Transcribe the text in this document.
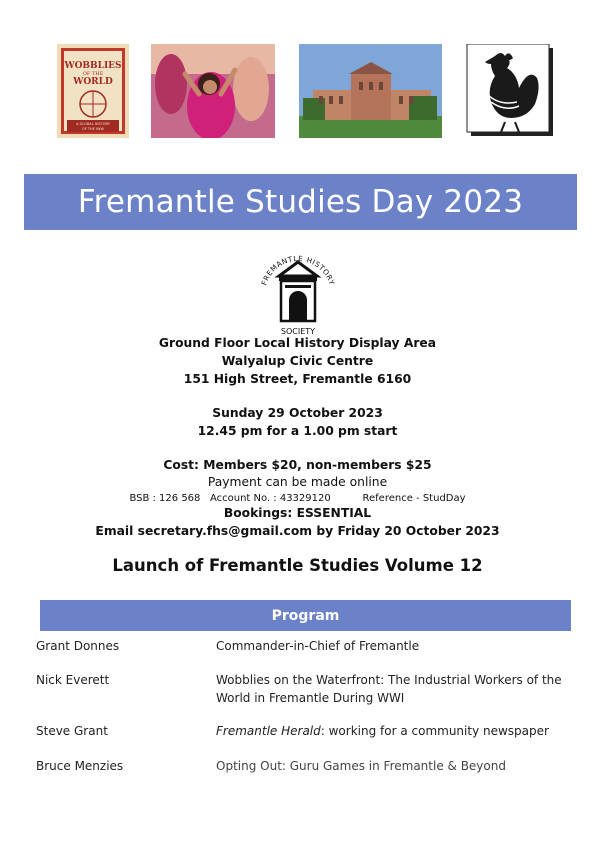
WOBBLIES
OF THE
WORLD
A GLOBAL HISTORY
OF THE IWW
Fremantle Studies Day 2023
FREMANTLE HISTORY
SOCIETY
Ground Floor Local History Display Area
Walyalup Civic Centre
151 High Street, Fremantle 6160
Sunday 29 October 2023
12.45 pm for a 1.00 pm start
Cost: Members $20, non-members $25
Payment can be made online
BSB : 126 568   Account No. : 43329120          Reference - StudDay
Bookings: ESSENTIAL
Email secretary.fhs@gmail.com by Friday 20 October 2023
Launch of Fremantle Studies Volume 12
Program
Grant Donnes	Commander-in-Chief of Fremantle
Nick Everett	Wobblies on the Waterfront: The Industrial Workers of the World in Fremantle During WWI
Steve Grant	Fremantle Herald: working for a community newspaper
Bruce Menzies	Opting Out: Guru Games in Fremantle & Beyond
